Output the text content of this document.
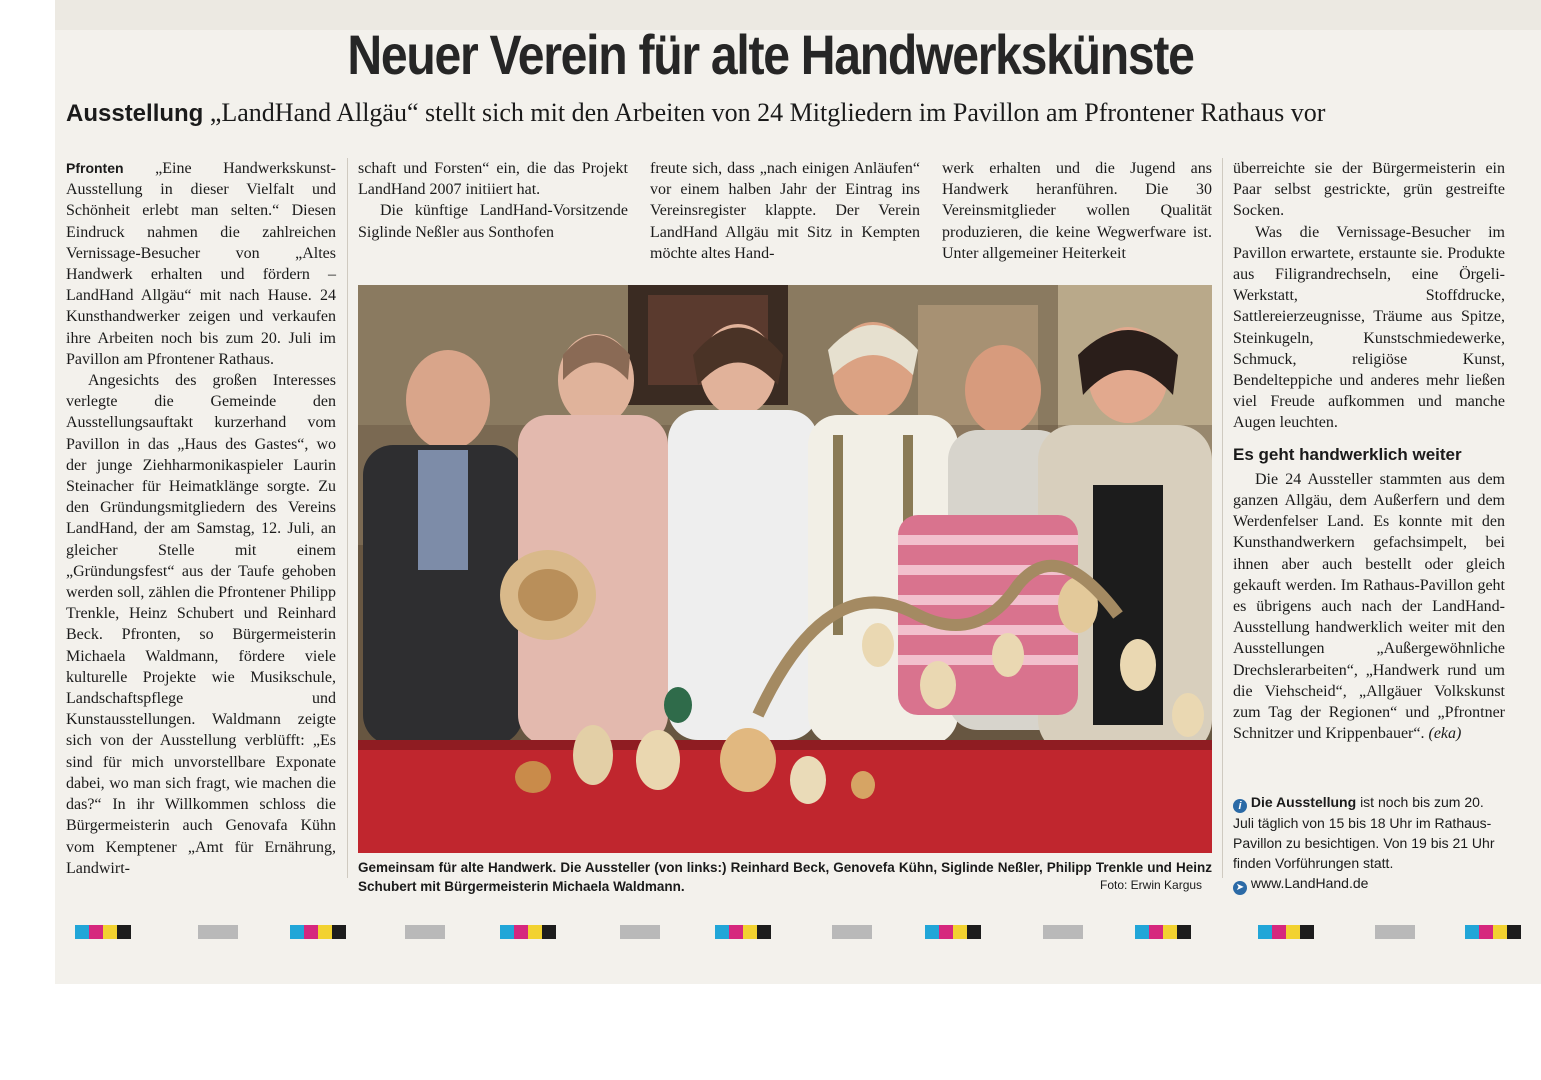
Neuer Verein für alte Handwerkskünste
Ausstellung „LandHand Allgäu“ stellt sich mit den Arbeiten von 24 Mitgliedern im Pavillon am Pfrontener Rathaus vor

Pfronten „Eine Handwerkskunst-Ausstellung in dieser Vielfalt und Schönheit erlebt man selten.“ Diesen Eindruck nahmen die zahlreichen Vernissage-Besucher von „Altes Handwerk erhalten und fördern – LandHand Allgäu“ mit nach Hause. 24 Kunsthandwerker zeigen und verkaufen ihre Arbeiten noch bis zum 20. Juli im Pavillon am Pfrontener Rathaus.

Angesichts des großen Interesses verlegte die Gemeinde den Ausstellungsauftakt kurzerhand vom Pavillon in das „Haus des Gastes“, wo der junge Ziehharmonikaspieler Laurin Steinacher für Heimatklänge sorgte. Zu den Gründungsmitgliedern des Vereins LandHand, der am Samstag, 12. Juli, an gleicher Stelle mit einem „Gründungsfest“ aus der Taufe gehoben werden soll, zählen die Pfrontener Philipp Trenkle, Heinz Schubert und Reinhard Beck. Pfronten, so Bürgermeisterin Michaela Waldmann, fördere viele kulturelle Projekte wie Musikschule, Landschaftspflege und Kunstausstellungen. Waldmann zeigte sich von der Ausstellung verblüfft: „Es sind für mich unvorstellbare Exponate dabei, wo man sich fragt, wie machen die das?“ In ihr Willkommen schloss die Bürgermeisterin auch Genovafa Kühn vom Kemptener „Amt für Ernährung, Landwirt-

schaft und Forsten“ ein, die das Projekt LandHand 2007 initiiert hat.

Die künftige LandHand-Vorsitzende Siglinde Neßler aus Sonthofen

freute sich, dass „nach einigen Anläufen“ vor einem halben Jahr der Eintrag ins Vereinsregister klappte. Der Verein LandHand Allgäu mit Sitz in Kempten möchte altes Hand-

werk erhalten und die Jugend ans Handwerk heranführen. Die 30 Vereinsmitglieder wollen Qualität produzieren, die keine Wegwerfware ist. Unter allgemeiner Heiterkeit

überreichte sie der Bürgermeisterin ein Paar selbst gestrickte, grün gestreifte Socken.

Was die Vernissage-Besucher im Pavillon erwartete, erstaunte sie. Produkte aus Filigrandrechseln, eine Örgeli-Werkstatt, Stoffdrucke, Sattlereierzeugnisse, Träume aus Spitze, Steinkugeln, Kunstschmiedewerke, Schmuck, religiöse Kunst, Bendelteppiche und anderes mehr ließen viel Freude aufkommen und manche Augen leuchten.

Es geht handwerklich weiter

Die 24 Aussteller stammten aus dem ganzen Allgäu, dem Außerfern und dem Werdenfelser Land. Es konnte mit den Kunsthandwerkern gefachsimpelt, bei ihnen aber auch bestellt oder gleich gekauft werden. Im Rathaus-Pavillon geht es übrigens auch nach der LandHand-Ausstellung handwerklich weiter mit den Ausstellungen „Außergewöhnliche Drechslerarbeiten“, „Handwerk rund um die Viehscheid“, „Allgäuer Volkskunst zum Tag der Regionen“ und „Pfrontner Schnitzer und Krippenbauer“. (eka)

Gemeinsam für alte Handwerk. Die Aussteller (von links:) Reinhard Beck, Genovefa Kühn, Siglinde Neßler, Philipp Trenkle und Heinz Schubert mit Bürgermeisterin Michaela Waldmann.	Foto: Erwin Kargus
i Die Ausstellung ist noch bis zum 20. Juli täglich von 15 bis 18 Uhr im Rathaus-Pavillon zu besichtigen. Von 19 bis 21 Uhr finden Vorführungen statt.
➤ www.LandHand.de
